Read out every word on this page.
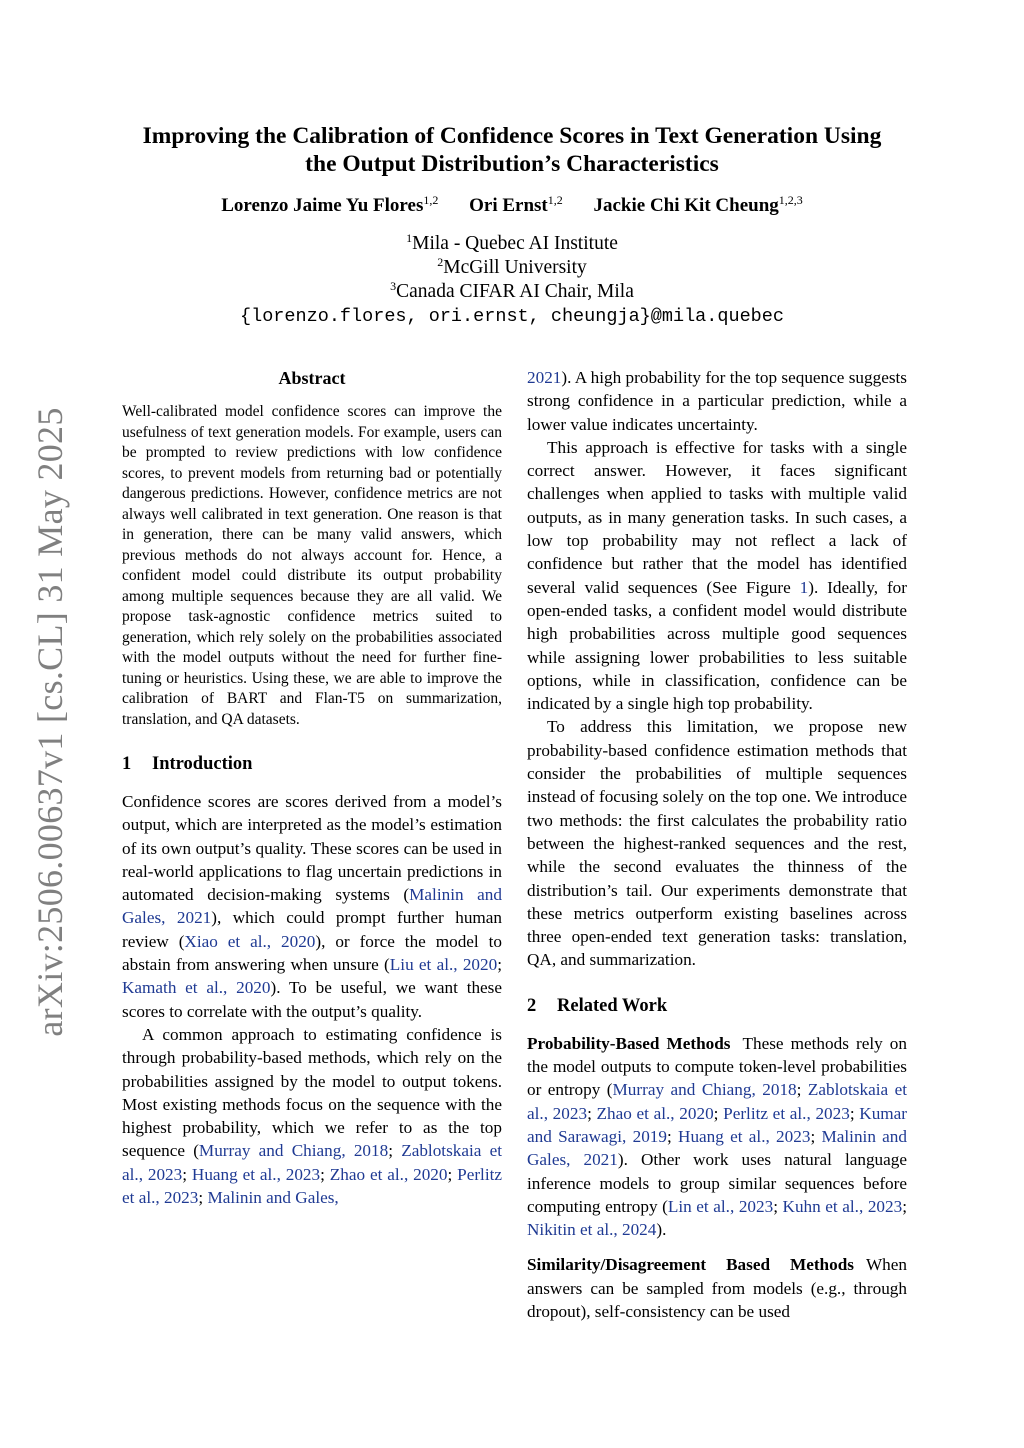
arXiv:2506.00637v1 [cs.CL] 31 May 2025
Improving the Calibration of Confidence Scores in Text Generation Using
the Output Distribution’s Characteristics
Lorenzo Jaime Yu Flores$^{1,2}$ Ori Ernst$^{1,2}$ Jackie Chi Kit Cheung$^{1,2,3}$
$^1$Mila - Quebec AI Institute
$^2$McGill University
$^3$Canada CIFAR AI Chair, Mila
{lorenzo.flores, ori.ernst, cheungja}@mila.quebec
Abstract

Well-calibrated model confidence scores can improve the usefulness of text generation models. For example, users can be prompted to review predictions with low confidence scores, to prevent models from returning bad or potentially dangerous predictions. However, confidence metrics are not always well calibrated in text generation. One reason is that in generation, there can be many valid answers, which previous methods do not always account for. Hence, a confident model could distribute its output probability among multiple sequences because they are all valid. We propose task-agnostic confidence metrics suited to generation, which rely solely on the probabilities associated with the model outputs without the need for further fine-tuning or heuristics. Using these, we are able to improve the calibration of BART and Flan-T5 on summarization, translation, and QA datasets.

1 Introduction

Confidence scores are scores derived from a model’s output, which are interpreted as the model’s estimation of its own output’s quality. These scores can be used in real-world applications to flag uncertain predictions in automated decision-making systems (Malinin and Gales, 2021), which could prompt further human review (Xiao et al., 2020), or force the model to abstain from answering when unsure (Liu et al., 2020; Kamath et al., 2020). To be useful, we want these scores to correlate with the output’s quality.

A common approach to estimating confidence is through probability-based methods, which rely on the probabilities assigned by the model to output tokens. Most existing methods focus on the sequence with the highest probability, which we refer to as the top sequence (Murray and Chiang, 2018; Zablotskaia et al., 2023; Huang et al., 2023; Zhao et al., 2020; Perlitz et al., 2023; Malinin and Gales,

2021). A high probability for the top sequence suggests strong confidence in a particular prediction, while a lower value indicates uncertainty.

This approach is effective for tasks with a single correct answer. However, it faces significant challenges when applied to tasks with multiple valid outputs, as in many generation tasks. In such cases, a low top probability may not reflect a lack of confidence but rather that the model has identified several valid sequences (See Figure 1). Ideally, for open-ended tasks, a confident model would distribute high probabilities across multiple good sequences while assigning lower probabilities to less suitable options, while in classification, confidence can be indicated by a single high top probability.

To address this limitation, we propose new probability-based confidence estimation methods that consider the probabilities of multiple sequences instead of focusing solely on the top one. We introduce two methods: the first calculates the probability ratio between the highest-ranked sequences and the rest, while the second evaluates the thinness of the distribution’s tail. Our experiments demonstrate that these metrics outperform existing baselines across three open-ended text generation tasks: translation, QA, and summarization.

2 Related Work

Probability-Based Methods These methods rely on the model outputs to compute token-level probabilities or entropy (Murray and Chiang, 2018; Zablotskaia et al., 2023; Zhao et al., 2020; Perlitz et al., 2023; Kumar and Sarawagi, 2019; Huang et al., 2023; Malinin and Gales, 2021). Other work uses natural language inference models to group similar sequences before computing entropy (Lin et al., 2023; Kuhn et al., 2023; Nikitin et al., 2024).

Similarity/Disagreement Based Methods When answers can be sampled from models (e.g., through dropout), self-consistency can be used
